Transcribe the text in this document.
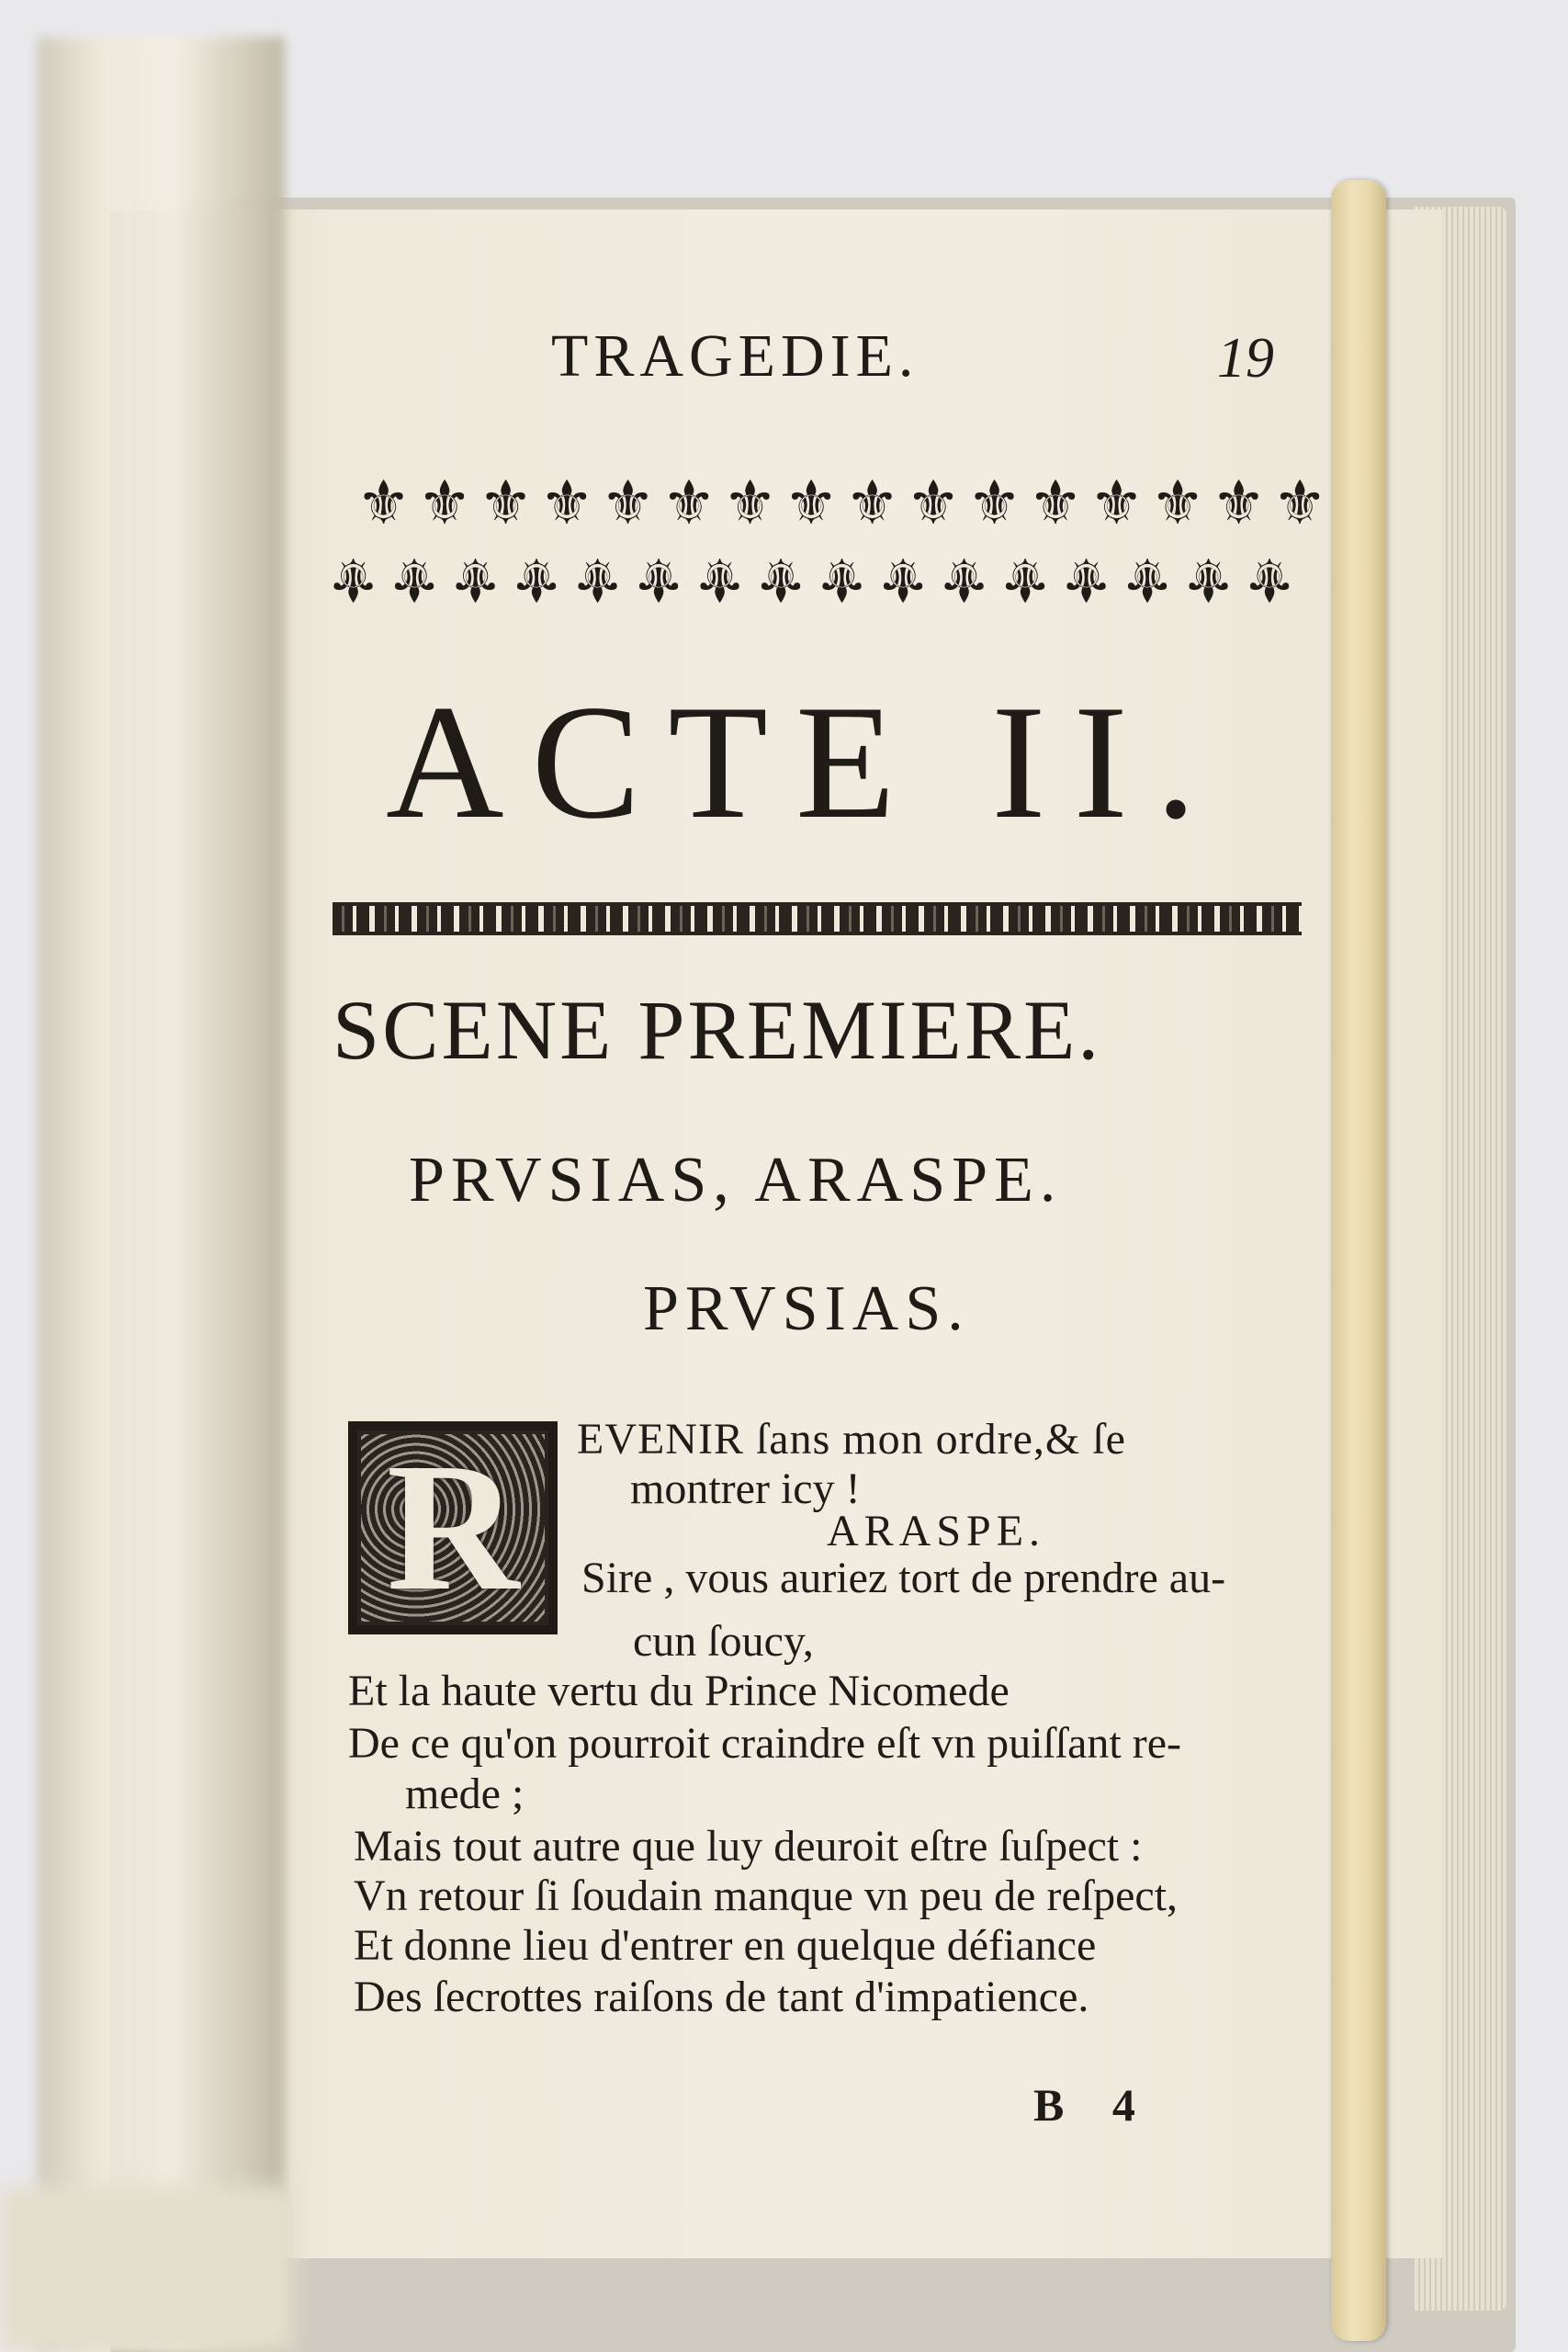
TRAGEDIE.	19
⚜ ⚜ ⚜ ⚜ ⚜ ⚜ ⚜ ⚜ ⚜ ⚜ ⚜ ⚜ ⚜ ⚜ ⚜ ⚜
⚜ ⚜ ⚜ ⚜ ⚜ ⚜ ⚜ ⚜ ⚜ ⚜ ⚜ ⚜ ⚜ ⚜ ⚜ ⚜
ACTE II.
SCENE PREMIERE.
PRVSIAS, ARASPE.
PRVSIAS.
R EVENIR ſans mon ordre,& ſe
montrer icy !
ARASPE.
Sire , vous auriez tort de prendre au-
cun ſoucy,
Et la haute vertu du Prince Nicomede
De ce qu'on pourroit craindre eſt vn puiſſant re-
mede ;
Mais tout autre que luy deuroit eſtre ſuſpect :
Vn retour ſi ſoudain manque vn peu de reſpect,
Et donne lieu d'entrer en quelque défiance
Des ſecrottes raiſons de tant d'impatience.
B 4
